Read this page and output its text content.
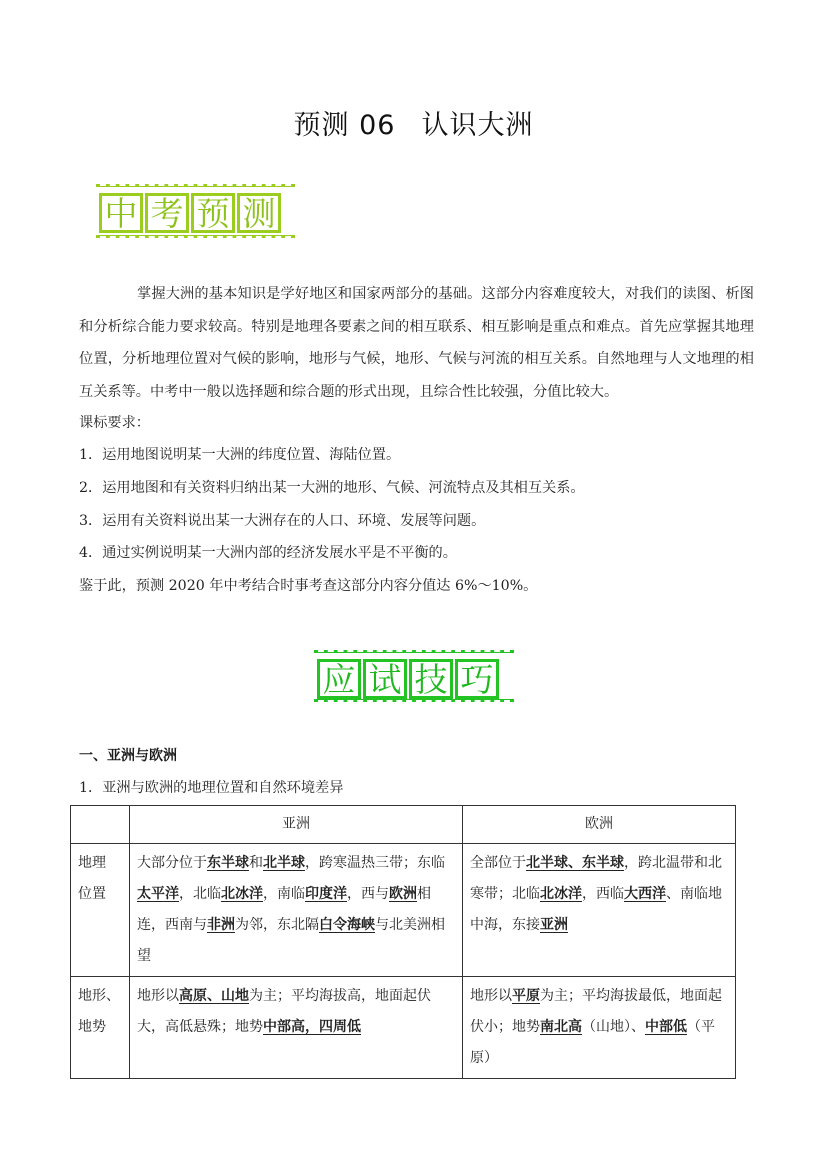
预测 06 认识大洲
中 考 预 测

掌握大洲的基本知识是学好地区和国家两部分的基础。这部分内容难度较大，对我们的读图、析图和分析综合能力要求较高。特别是地理各要素之间的相互联系、相互影响是重点和难点。首先应掌握其地理位置，分析地理位置对气候的影响，地形与气候，地形、气候与河流的相互关系。自然地理与人文地理的相互关系等。中考中一般以选择题和综合题的形式出现，且综合性比较强，分值比较大。

课标要求：
1．运用地图说明某一大洲的纬度位置、海陆位置。
2．运用地图和有关资料归纳出某一大洲的地形、气候、河流特点及其相互关系。
3．运用有关资料说出某一大洲存在的人口、环境、发展等问题。
4．通过实例说明某一大洲内部的经济发展水平是不平衡的。
鉴于此，预测 2020 年中考结合时事考查这部分内容分值达 6%～10%。
应 试 技 巧
一、亚洲与欧洲
1．亚洲与欧洲的地理位置和自然环境差异
	亚洲	欧洲
地理
位置	大部分位于东半球和北半球，跨寒温热三带；东临太平洋，北临北冰洋，南临印度洋，西与欧洲相连，西南与非洲为邻，东北隔白令海峡与北美洲相望	全部位于北半球、东半球，跨北温带和北寒带；北临北冰洋，西临大西洋、南临地中海，东接亚洲
地形、
地势	地形以高原、山地为主；平均海拔高，地面起伏大，高低悬殊；地势中部高，四周低	地形以平原为主；平均海拔最低，地面起伏小；地势南北高（山地）、中部低（平原）
